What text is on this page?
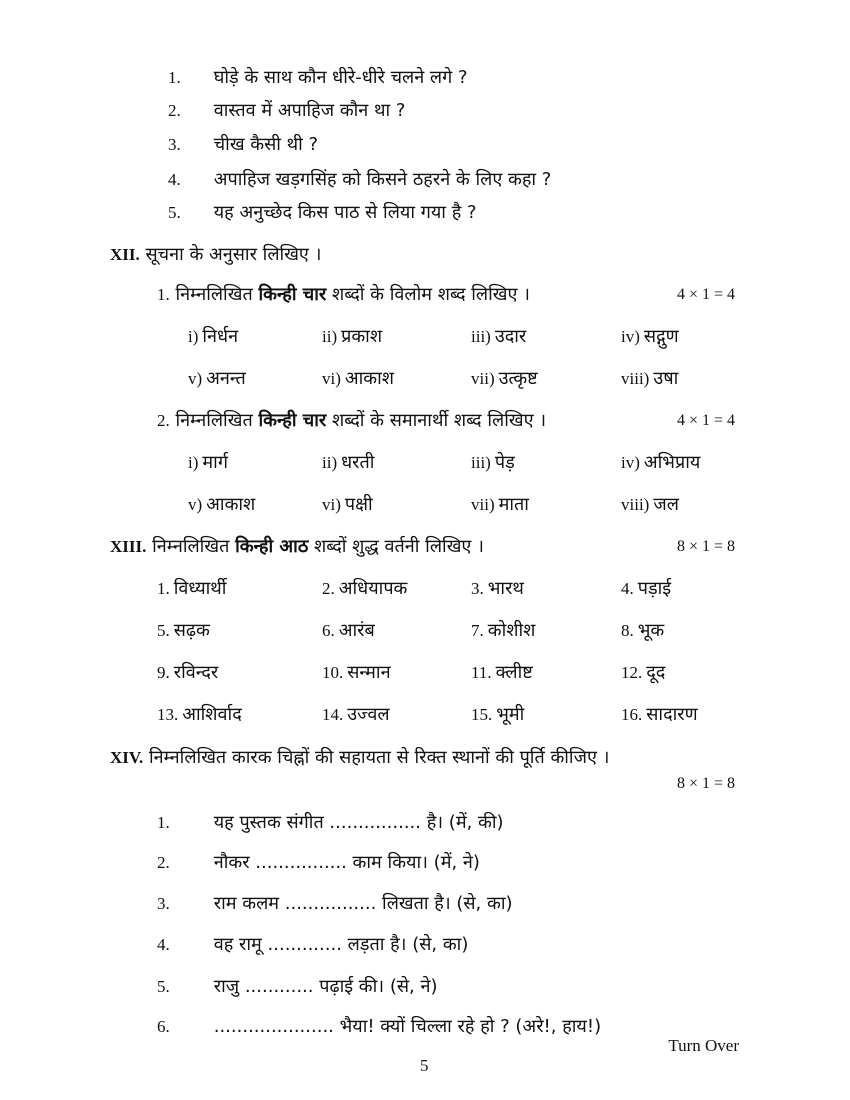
1. घोड़े के साथ कौन धीरे-धीरे चलने लगे ?
2. वास्तव में अपाहिज कौन था ?
3. चीख कैसी थी ?
4. अपाहिज खड़गसिंह को किसने ठहरने के लिए कहा ?
5. यह अनुच्छेद किस पाठ से लिया गया है ?
XII. सूचना के अनुसार लिखिए ।
1. निम्नलिखित किन्ही चार शब्दों के विलोम शब्द लिखिए ।	4 × 1 = 4
i) निर्धन	ii) प्रकाश	iii) उदार	iv) सद्गुण
v) अनन्त	vi) आकाश	vii) उत्कृष्ट	viii) उषा
2. निम्नलिखित किन्ही चार शब्दों के समानार्थी शब्द लिखिए ।	4 × 1 = 4
i) मार्ग	ii) धरती	iii) पेड़	iv) अभिप्राय
v) आकाश	vi) पक्षी	vii) माता	viii) जल
XIII. निम्नलिखित किन्ही आठ शब्दों शुद्ध वर्तनी लिखिए ।	8 × 1 = 8
1. विध्यार्थी	2. अधियापक	3. भारथ	4. पड़ाई
5. सढ़क	6. आरंब	7. कोशीश	8. भूक
9. रविन्दर	10. सन्मान	11. क्लीष्ट	12. दूद
13. आशिर्वाद	14. उज्वल	15. भूमी	16. सादारण
XIV. निम्नलिखित कारक चिह्नों की सहायता से रिक्त स्थानों की पूर्ति कीजिए ।
8 × 1 = 8
1. यह पुस्तक संगीत ................ है। (में, की)
2. नौकर ................ काम किया। (में, ने)
3. राम कलम ................ लिखता है। (से, का)
4. वह रामू ............. लड़ता है। (से, का)
5. राजु ............ पढ़ाई की। (से, ने)
6. ..................... भैया! क्यों चिल्ला रहे हो ? (अरे!, हाय!)
Turn Over
5
